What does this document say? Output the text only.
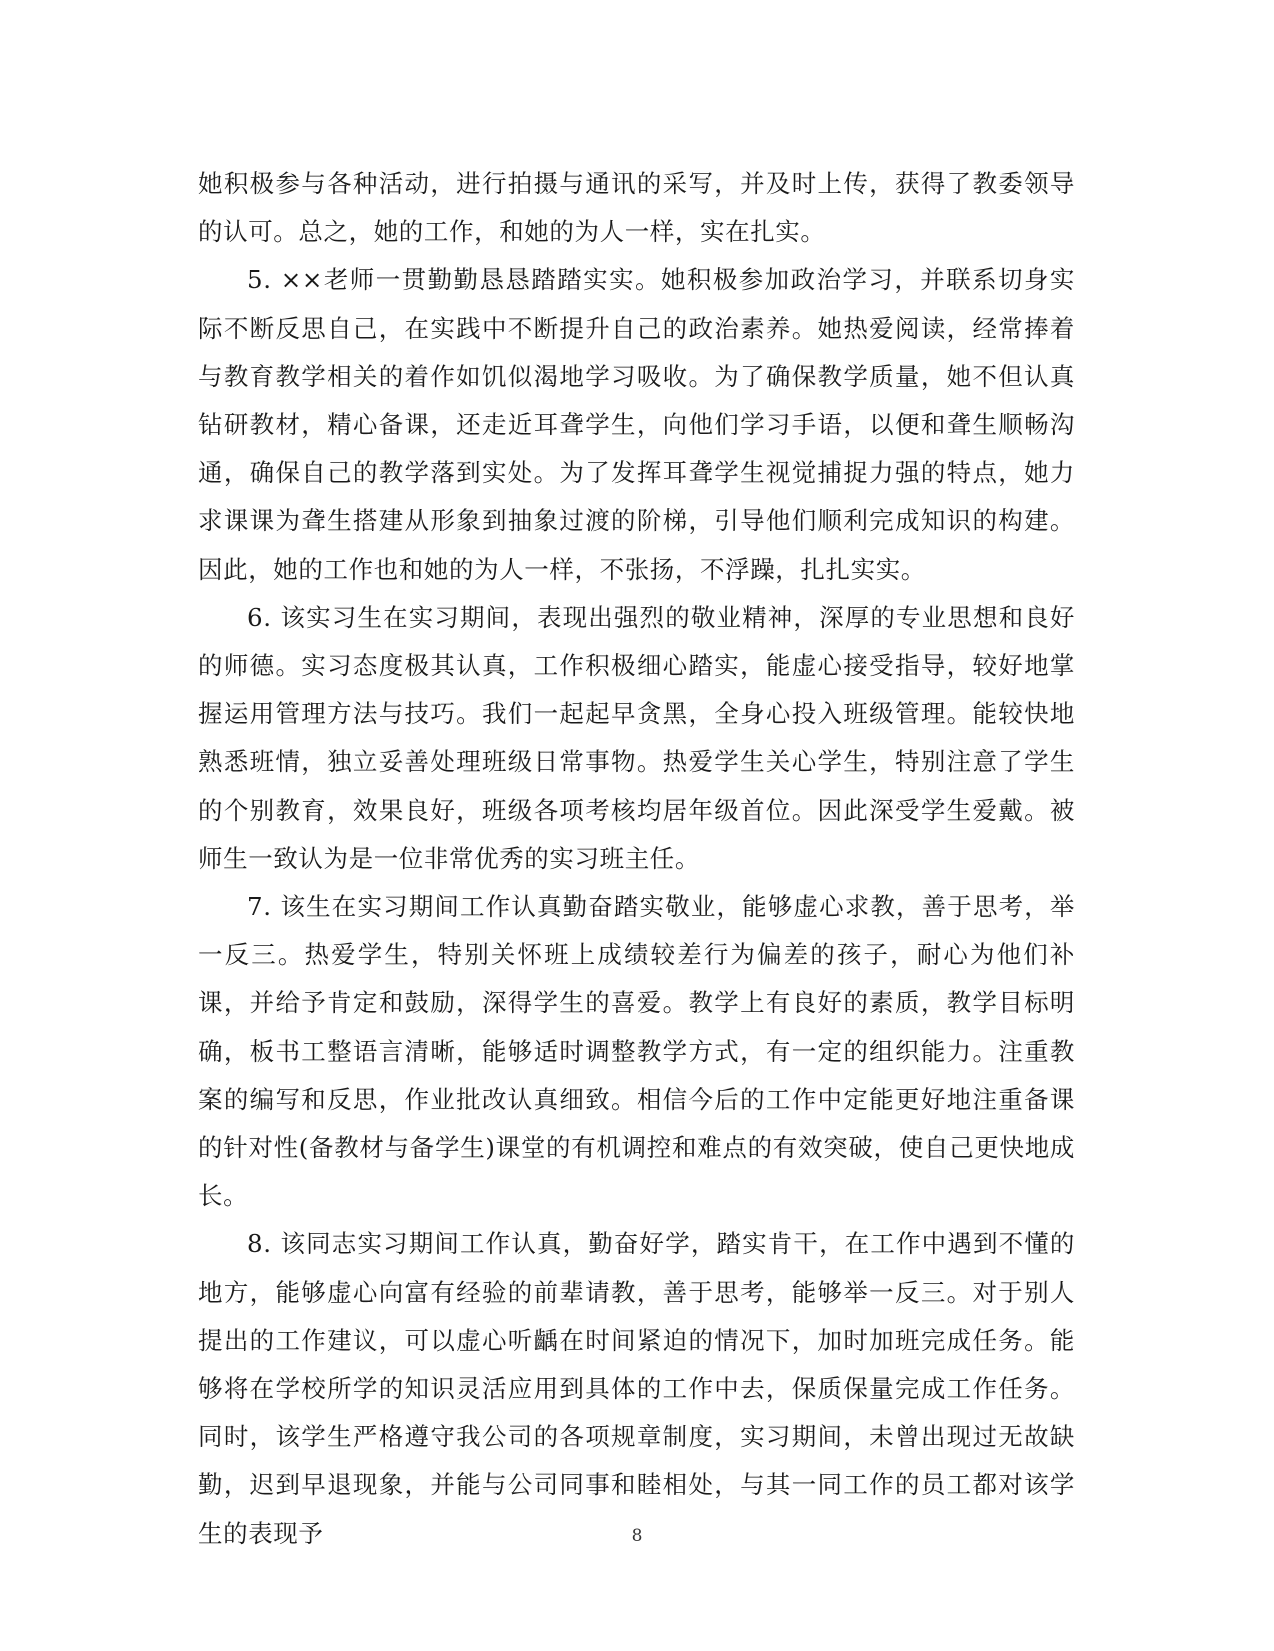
她积极参与各种活动，进行拍摄与通讯的采写，并及时上传，获得了教委领导的认可。总之，她的工作，和她的为人一样，实在扎实。

5. ××老师一贯勤勤恳恳踏踏实实。她积极参加政治学习，并联系切身实际不断反思自己，在实践中不断提升自己的政治素养。她热爱阅读，经常捧着与教育教学相关的着作如饥似渴地学习吸收。为了确保教学质量，她不但认真钻研教材，精心备课，还走近耳聋学生，向他们学习手语，以便和聋生顺畅沟通，确保自己的教学落到实处。为了发挥耳聋学生视觉捕捉力强的特点，她力求课课为聋生搭建从形象到抽象过渡的阶梯，引导他们顺利完成知识的构建。因此，她的工作也和她的为人一样，不张扬，不浮躁，扎扎实实。

6. 该实习生在实习期间，表现出强烈的敬业精神，深厚的专业思想和良好的师德。实习态度极其认真，工作积极细心踏实，能虚心接受指导，较好地掌握运用管理方法与技巧。我们一起起早贪黑，全身心投入班级管理。能较快地熟悉班情，独立妥善处理班级日常事物。热爱学生关心学生，特别注意了学生的个别教育，效果良好，班级各项考核均居年级首位。因此深受学生爱戴。被师生一致认为是一位非常优秀的实习班主任。

7. 该生在实习期间工作认真勤奋踏实敬业，能够虚心求教，善于思考，举一反三。热爱学生，特别关怀班上成绩较差行为偏差的孩子，耐心为他们补课，并给予肯定和鼓励，深得学生的喜爱。教学上有良好的素质，教学目标明确，板书工整语言清晰，能够适时调整教学方式，有一定的组织能力。注重教案的编写和反思，作业批改认真细致。相信今后的工作中定能更好地注重备课的针对性(备教材与备学生)课堂的有机调控和难点的有效突破，使自己更快地成长。

8. 该同志实习期间工作认真，勤奋好学，踏实肯干，在工作中遇到不懂的地方，能够虚心向富有经验的前辈请教，善于思考，能够举一反三。对于别人提出的工作建议，可以虚心听齲在时间紧迫的情况下，加时加班完成任务。能够将在学校所学的知识灵活应用到具体的工作中去，保质保量完成工作任务。同时，该学生严格遵守我公司的各项规章制度，实习期间，未曾出现过无故缺勤，迟到早退现象，并能与公司同事和睦相处，与其一同工作的员工都对该学生的表现予	8
